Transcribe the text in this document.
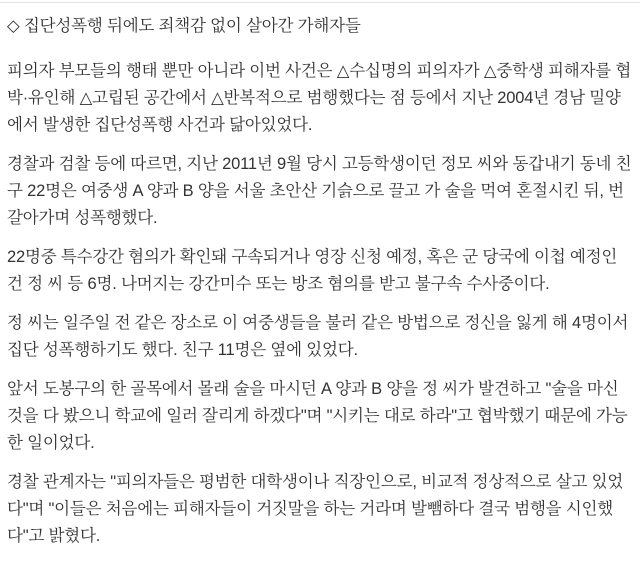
◇ 집단성폭행 뒤에도 죄책감 없이 살아간 가해자들

피의자 부모들의 행태 뿐만 아니라 이번 사건은 △수십명의 피의자가 △중학생 피해자를 협박·유인해 △고립된 공간에서 △반복적으로 범행했다는 점 등에서 지난 2004년 경남 밀양에서 발생한 집단성폭행 사건과 닮아있었다.

경찰과 검찰 등에 따르면, 지난 2011년 9월 당시 고등학생이던 정모 씨와 동갑내기 동네 친구 22명은 여중생 A 양과 B 양을 서울 초안산 기슭으로 끌고 가 술을 먹여 혼절시킨 뒤, 번갈아가며 성폭행했다.

22명중 특수강간 혐의가 확인돼 구속되거나 영장 신청 예정, 혹은 군 당국에 이첩 예정인 건 정 씨 등 6명. 나머지는 강간미수 또는 방조 혐의를 받고 불구속 수사중이다.

정 씨는 일주일 전 같은 장소로 이 여중생들을 불러 같은 방법으로 정신을 잃게 해 4명이서 집단 성폭행하기도 했다. 친구 11명은 옆에 있었다.

앞서 도봉구의 한 골목에서 몰래 술을 마시던 A 양과 B 양을 정 씨가 발견하고 "술을 마신 것을 다 봤으니 학교에 일러 잘리게 하겠다"며 "시키는 대로 하라"고 협박했기 때문에 가능한 일이었다.

경찰 관계자는 "피의자들은 평범한 대학생이나 직장인으로, 비교적 정상적으로 살고 있었다"며 "이들은 처음에는 피해자들이 거짓말을 하는 거라며 발뺌하다 결국 범행을 시인했다"고 밝혔다.
